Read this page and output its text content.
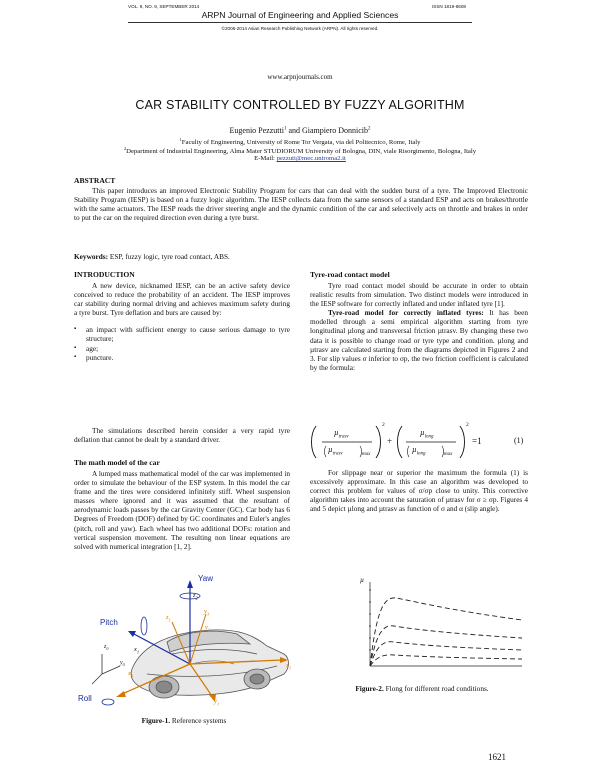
VOL. 9, NO. 9, SEPTEMBER 2014	ISSN 1819-6608
ARPN Journal of Engineering and Applied Sciences
©2006-2014 Asian Research Publishing Network (ARPN). All rights reserved.
www.arpnjournals.com
CAR STABILITY CONTROLLED BY FUZZY ALGORITHM
Eugenio Pezzutti$^1$ and Giampiero Donnicib$^2$
$^1$Faculty of Engineering, University of Rome Tor Vergata, via del Politecnico, Rome, Italy
$^2$Department of Industrial Engineering, Alma Mater STUDIORUM University of Bologna, DIN, viale Risorgimento, Bologna, Italy
E-Mail: pezzuti@mec.uniroma2.it
ABSTRACT

This paper introduces an improved Electronic Stability Program for cars that can deal with the sudden burst of a tyre. The Improved Electronic Stability Program (IESP) is based on a fuzzy logic algorithm. The IESP collects data from the same sensors of a standard ESP and acts on brakes/throttle with the same actuators. The IESP reads the driver steering angle and the dynamic condition of the car and selectively acts on throttle and brakes in order to put the car on the required direction even during a tyre burst.

Keywords: ESP, fuzzy logic, tyre road contact, ABS.
INTRODUCTION

A new device, nicknamed IESP, can be an active safety device conceived to reduce the probability of an accident. The IESP improves car stability during normal driving and achieves maximum safety during a tyre burst. Tyre deflation and burs are caused by:

▪ an impact with sufficient energy to cause serious damage to tyre structure;
▪ age;
▪ puncture.

The simulations described herein consider a very rapid tyre deflation that cannot be dealt by a standard driver.

The math model of the car

A lumped mass mathematical model of the car was implemented in order to simulate the behaviour of the ESP system. In this model the car frame and the tires were considered infinitely stiff. Wheel suspension masses where ignored and it was assumed that the resultant of aerodynamic loads passes by the car Gravity Center (GC). Car body has 6 Degrees of Freedom (DOF) defined by GC coordinates and Euler's angles (pitch, roll and yaw). Each wheel has two additional DOFs: rotation and vertical suspension movement. The resulting non linear equations are solved with numerical integration [1, 2].

Yaw
Pitch
Roll
$z_2$
$y_3$
$y_2$
$z_1$
$x_1$
$x_3$
$x_1$
$y_1$
$z_0$
$y_0$
Figure-1. Reference systems
Tyre-road contact model

Tyre road contact model should be accurate in order to obtain realistic results from simulation. Two distinct models were introduced in the IESP software for correctly inflated and under inflated tyre [1].

Tyre-road model for correctly inflated tyres: It has been modelled through a semi empirical algorithm starting from tyre longitudinal µlong and transversal friction µtrasv. By changing these two data it is possible to change road or tyre type and condition. µlong and µtrasv are calculated starting from the diagrams depicted in Figures 2 and 3. For slip values σ inferior to σp, the two friction coefficient is calculated by the formula:

µ$_{trasv}$
µ$_{trasv}$	max
2
+
µ$_{long}$
µ$_{long}$	max
2
=1	(1)

For slippage near or superior the maximum the formula (1) is excessively approximate. In this case an algorithm was developed to correct this problem for values of σ/σp close to unity. This corrective algorithm takes into account the saturation of µtrasv for σ ≥ σp. Figures 4 and 5 depict µlong and µtrasv as function of σ and α (slip angle).

µ
Figure-2. Flong for different road conditions.
1621
